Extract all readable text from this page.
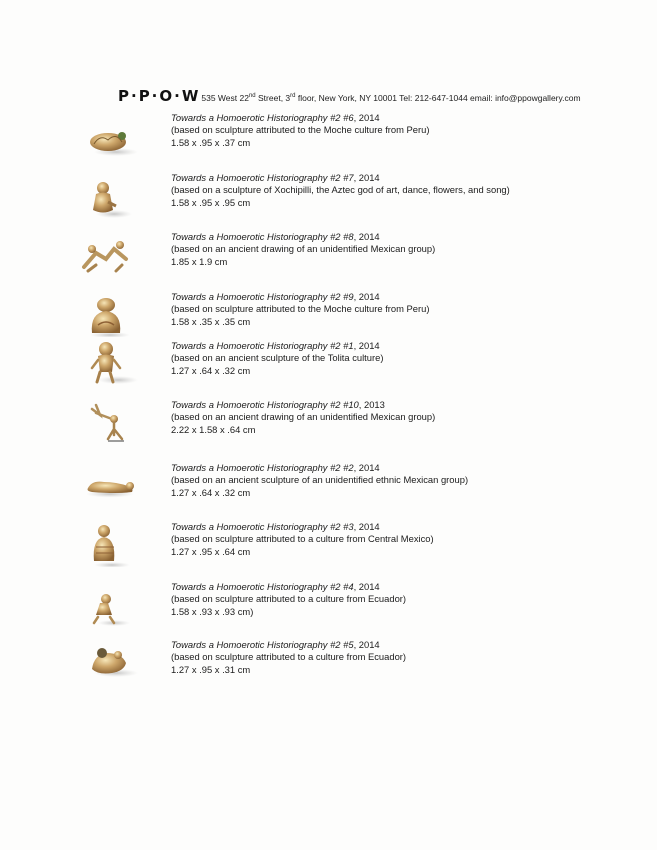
P·P·O·W535 West 22nd Street, 3rd floor, New York, NY 10001 Tel: 212-647-1044 email: info@ppowgallery.com
Towards a Homoerotic Historiography #2 #6, 2014
(based on sculpture attributed to the Moche culture from Peru)
1.58 x .95 x .37 cm
Towards a Homoerotic Historiography #2 #7, 2014
(based on a sculpture of Xochipilli, the Aztec god of art, dance, flowers, and song)
1.58 x .95 x .95 cm
Towards a Homoerotic Historiography #2 #8, 2014
(based on an ancient drawing of an unidentified Mexican group)
1.85 x 1.9 cm
Towards a Homoerotic Historiography #2 #9, 2014
(based on sculpture attributed to the Moche culture from Peru)
1.58 x .35 x .35 cm
Towards a Homoerotic Historiography #2 #1, 2014
(based on an ancient sculpture of the Tolita culture)
1.27 x .64 x .32 cm
Towards a Homoerotic Historiography #2 #10, 2013
(based on an ancient drawing of an unidentified Mexican group)
2.22 x 1.58 x .64 cm
Towards a Homoerotic Historiography #2 #2, 2014
(based on an ancient sculpture of an unidentified ethnic Mexican group)
1.27 x .64 x .32 cm
Towards a Homoerotic Historiography #2 #3, 2014
(based on sculpture attributed to a culture from Central Mexico)
1.27 x .95 x .64 cm
Towards a Homoerotic Historiography #2 #4, 2014
(based on sculpture attributed to a culture from Ecuador)
1.58 x .93 x .93 cm)
Towards a Homoerotic Historiography #2 #5, 2014
(based on sculpture attributed to a culture from Ecuador)
1.27 x .95 x .31 cm
